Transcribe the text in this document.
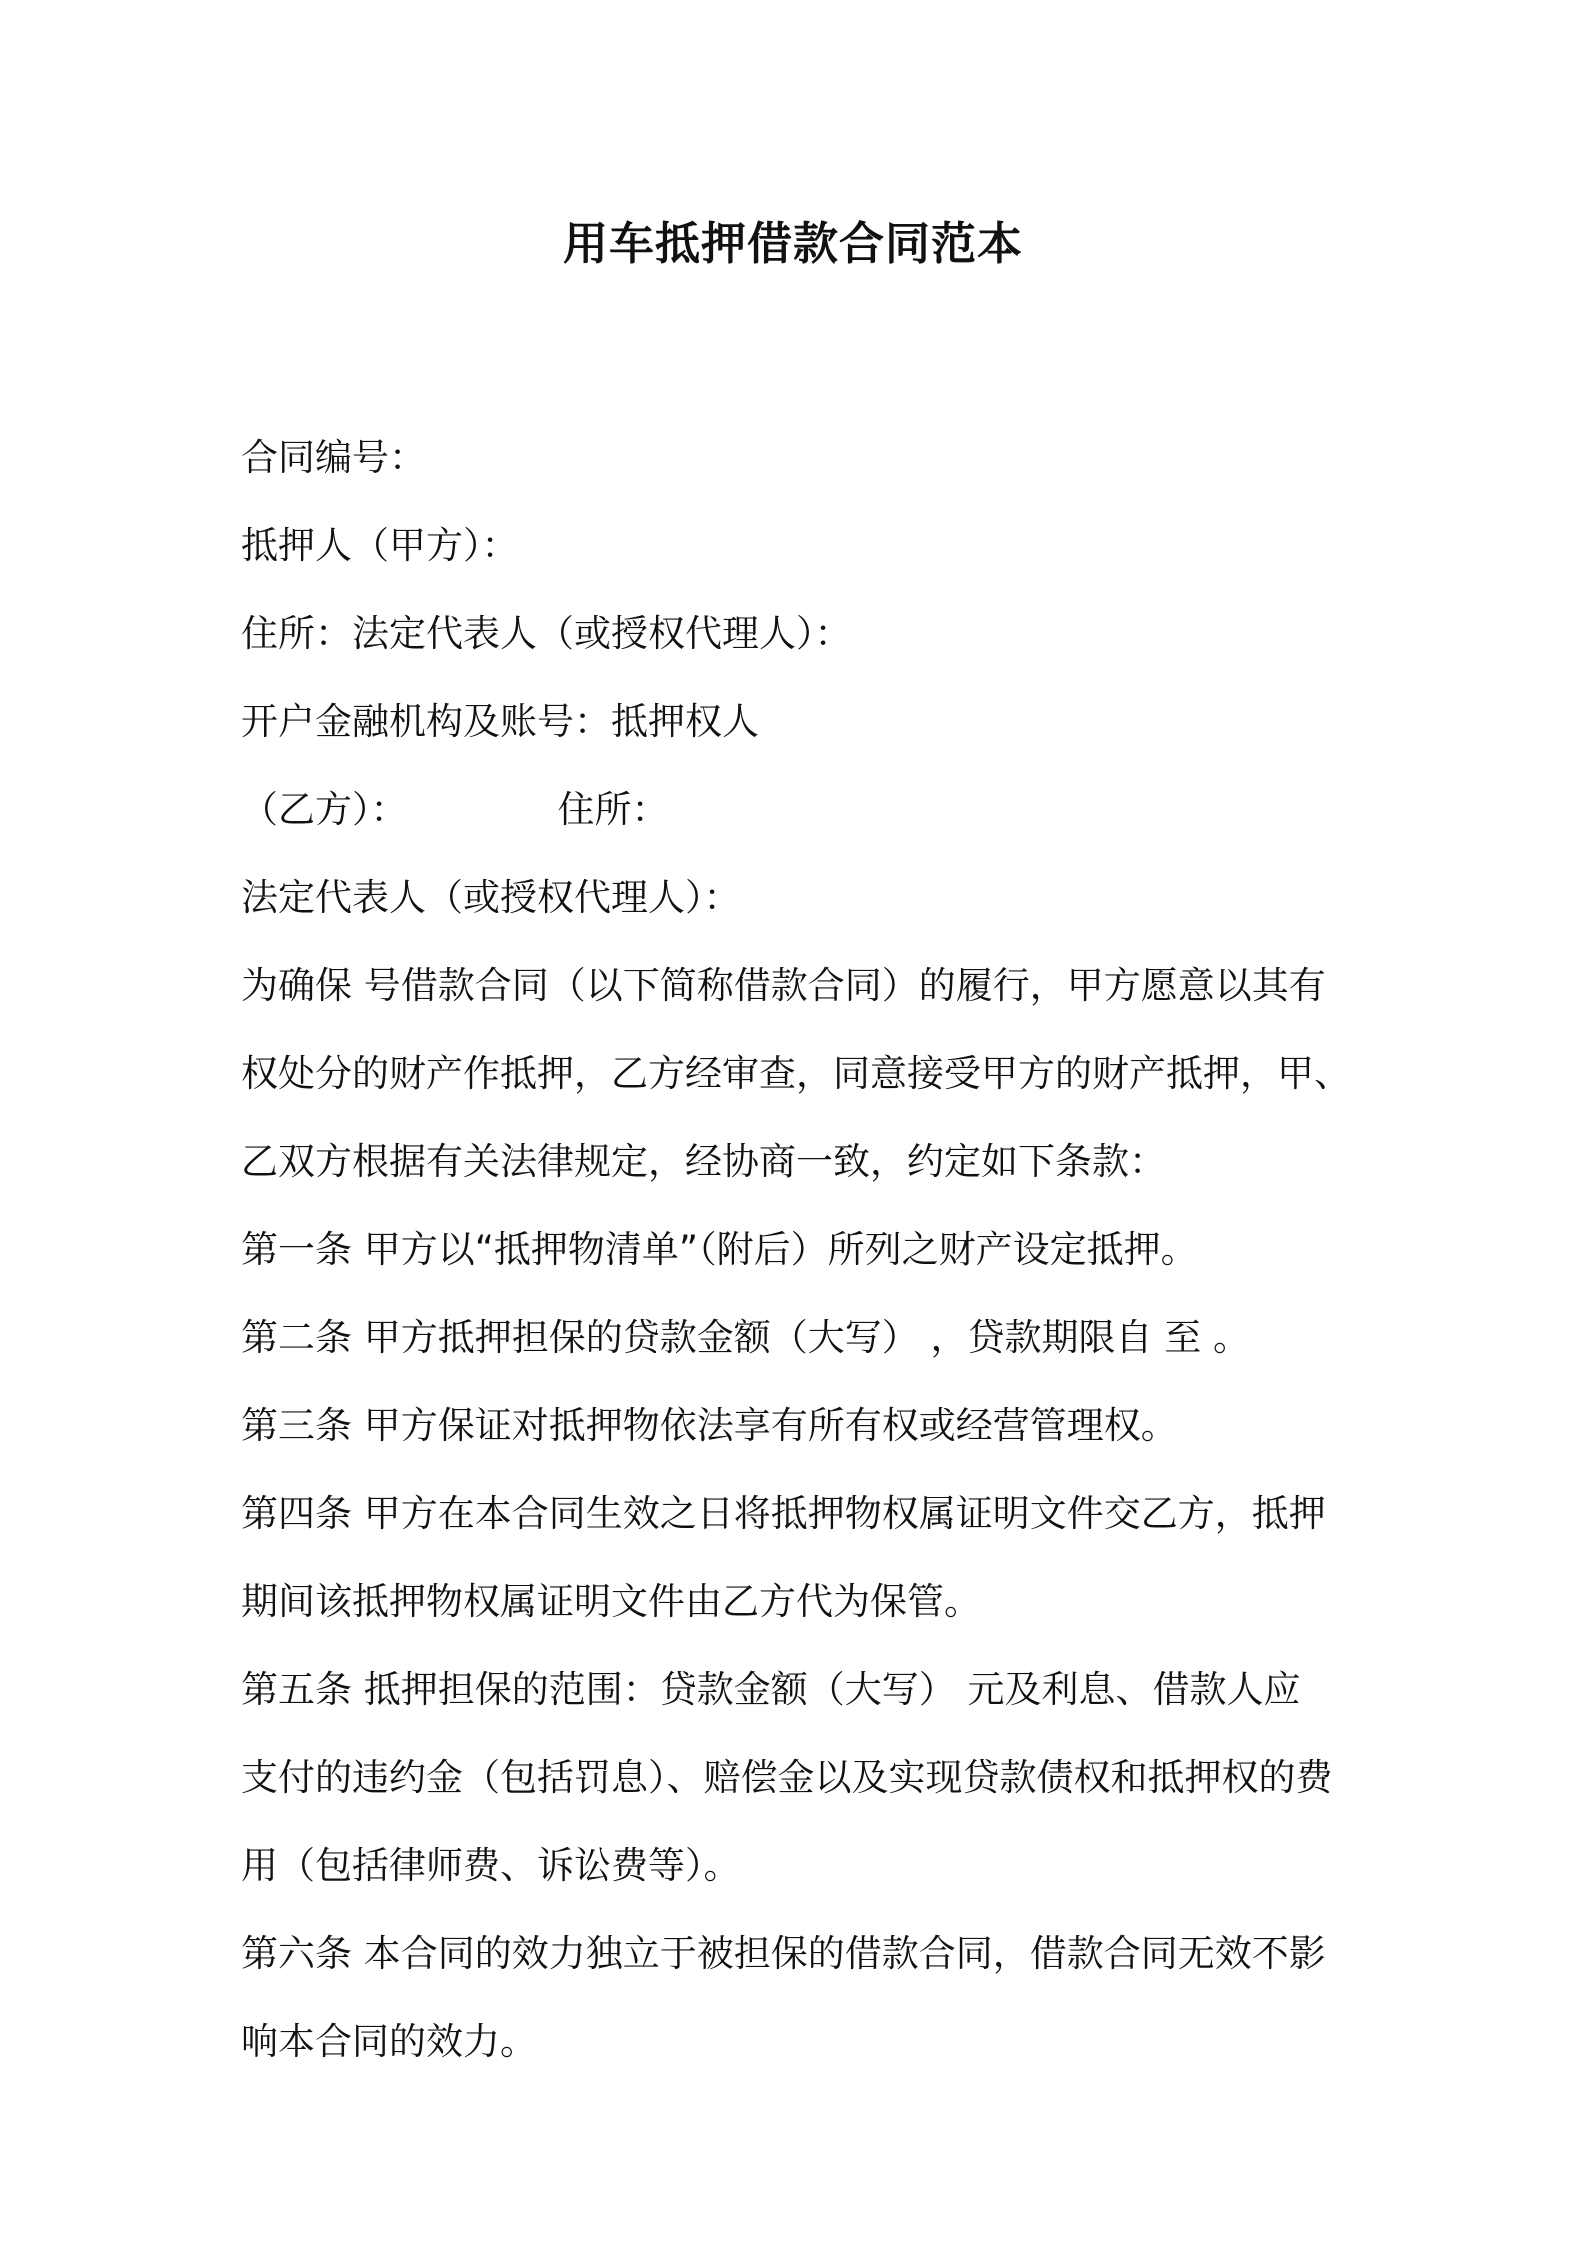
用车抵押借款合同范本

合同编号：

抵押人（甲方）：

住所：法定代表人（或授权代理人）：

开户金融机构及账号：抵押权人

（乙方）：	住所：

法定代表人（或授权代理人）：

为确保 号借款合同（以下简称借款合同）的履行，甲方愿意以其有

权处分的财产作抵押，乙方经审查，同意接受甲方的财产抵押，甲、

乙双方根据有关法律规定，经协商一致，约定如下条款：

第一条 甲方以“抵押物清单”（附后）所列之财产设定抵押。

第二条 甲方抵押担保的贷款金额（大写） ，贷款期限自 至 。

第三条 甲方保证对抵押物依法享有所有权或经营管理权。

第四条 甲方在本合同生效之日将抵押物权属证明文件交乙方，抵押

期间该抵押物权属证明文件由乙方代为保管。

第五条 抵押担保的范围：贷款金额（大写） 元及利息、借款人应

支付的违约金（包括罚息）、赔偿金以及实现贷款债权和抵押权的费

用（包括律师费、诉讼费等）。

第六条 本合同的效力独立于被担保的借款合同，借款合同无效不影

响本合同的效力。
